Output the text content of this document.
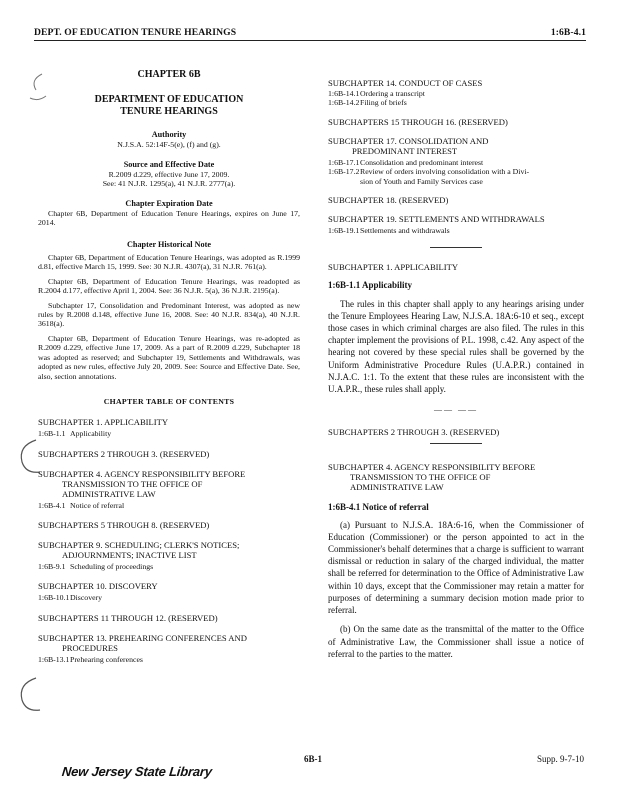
DEPT. OF EDUCATION TENURE HEARINGS	1:6B-4.1
CHAPTER 6B
DEPARTMENT OF EDUCATION
TENURE HEARINGS
Authority
N.J.S.A. 52:14F-5(e), (f) and (g).
Source and Effective Date
R.2009 d.229, effective June 17, 2009.
See: 41 N.J.R. 1295(a), 41 N.J.R. 2777(a).
Chapter Expiration Date

Chapter 6B, Department of Education Tenure Hearings, expires on June 17, 2014.

Chapter Historical Note

Chapter 6B, Department of Education Tenure Hearings, was adopted as R.1999 d.81, effective March 15, 1999. See: 30 N.J.R. 4307(a), 31 N.J.R. 761(a).

Chapter 6B, Department of Education Tenure Hearings, was readopted as R.2004 d.177, effective April 1, 2004. See: 36 N.J.R. 5(a), 36 N.J.R. 2195(a).

Subchapter 17, Consolidation and Predominant Interest, was adopted as new rules by R.2008 d.148, effective June 16, 2008. See: 40 N.J.R. 834(a), 40 N.J.R. 3618(a).

Chapter 6B, Department of Education Tenure Hearings, was re-adopted as R.2009 d.229, effective June 17, 2009. As a part of R.2009 d.229, Subchapter 18 was adopted as reserved; and Subchapter 19, Settlements and Withdrawals, was adopted as new rules, effective July 20, 2009. See: Source and Effective Date. See, also, section annotations.

CHAPTER TABLE OF CONTENTS
SUBCHAPTER 1. APPLICABILITY
1:6B-1.1 Applicability
SUBCHAPTERS 2 THROUGH 3. (RESERVED)
SUBCHAPTER 4. AGENCY RESPONSIBILITY BEFORE
TRANSMISSION TO THE OFFICE OF
ADMINISTRATIVE LAW
1:6B-4.1 Notice of referral
SUBCHAPTERS 5 THROUGH 8. (RESERVED)
SUBCHAPTER 9. SCHEDULING; CLERK'S NOTICES;
ADJOURNMENTS; INACTIVE LIST
1:6B-9.1 Scheduling of proceedings
SUBCHAPTER 10. DISCOVERY
1:6B-10.1Discovery
SUBCHAPTERS 11 THROUGH 12. (RESERVED)
SUBCHAPTER 13. PREHEARING CONFERENCES AND
PROCEDURES
1:6B-13.1Prehearing conferences
SUBCHAPTER 14. CONDUCT OF CASES
1:6B-14.1Ordering a transcript
1:6B-14.2Filing of briefs
SUBCHAPTERS 15 THROUGH 16. (RESERVED)
SUBCHAPTER 17. CONSOLIDATION AND
PREDOMINANT INTEREST
1:6B-17.1Consolidation and predominant interest
1:6B-17.2Review of orders involving consolidation with a Divi-
sion of Youth and Family Services case
SUBCHAPTER 18. (RESERVED)
SUBCHAPTER 19. SETTLEMENTS AND WITHDRAWALS
1:6B-19.1Settlements and withdrawals
SUBCHAPTER 1. APPLICABILITY
1:6B-1.1 Applicability

The rules in this chapter shall apply to any hearings arising under the Tenure Employees Hearing Law, N.J.S.A. 18A:6-10 et seq., except those cases in which criminal charges are also filed. The rules in this chapter implement the provisions of P.L. 1998, c.42. Any aspect of the hearing not covered by these special rules shall be governed by the Uniform Administrative Procedure Rules (U.A.P.R.) contained in N.J.A.C. 1:1. To the extent that these rules are inconsistent with the U.A.P.R., these rules shall apply.

—— ——
SUBCHAPTERS 2 THROUGH 3. (RESERVED)
SUBCHAPTER 4. AGENCY RESPONSIBILITY BEFORE
TRANSMISSION TO THE OFFICE OF
ADMINISTRATIVE LAW
1:6B-4.1 Notice of referral

(a) Pursuant to N.J.S.A. 18A:6-16, when the Commissioner of Education (Commissioner) or the person appointed to act in the Commissioner's behalf determines that a charge is sufficient to warrant dismissal or reduction in salary of the charged individual, the matter shall be referred for determination to the Office of Administrative Law within 10 days, except that the Commissioner may retain a matter for purposes of determining a summary decision motion made prior to referral.

(b) On the same date as the transmittal of the matter to the Office of Administrative Law, the Commissioner shall issue a notice of referral to the parties to the matter.

New Jersey State Library
6B-1	Supp. 9-7-10
